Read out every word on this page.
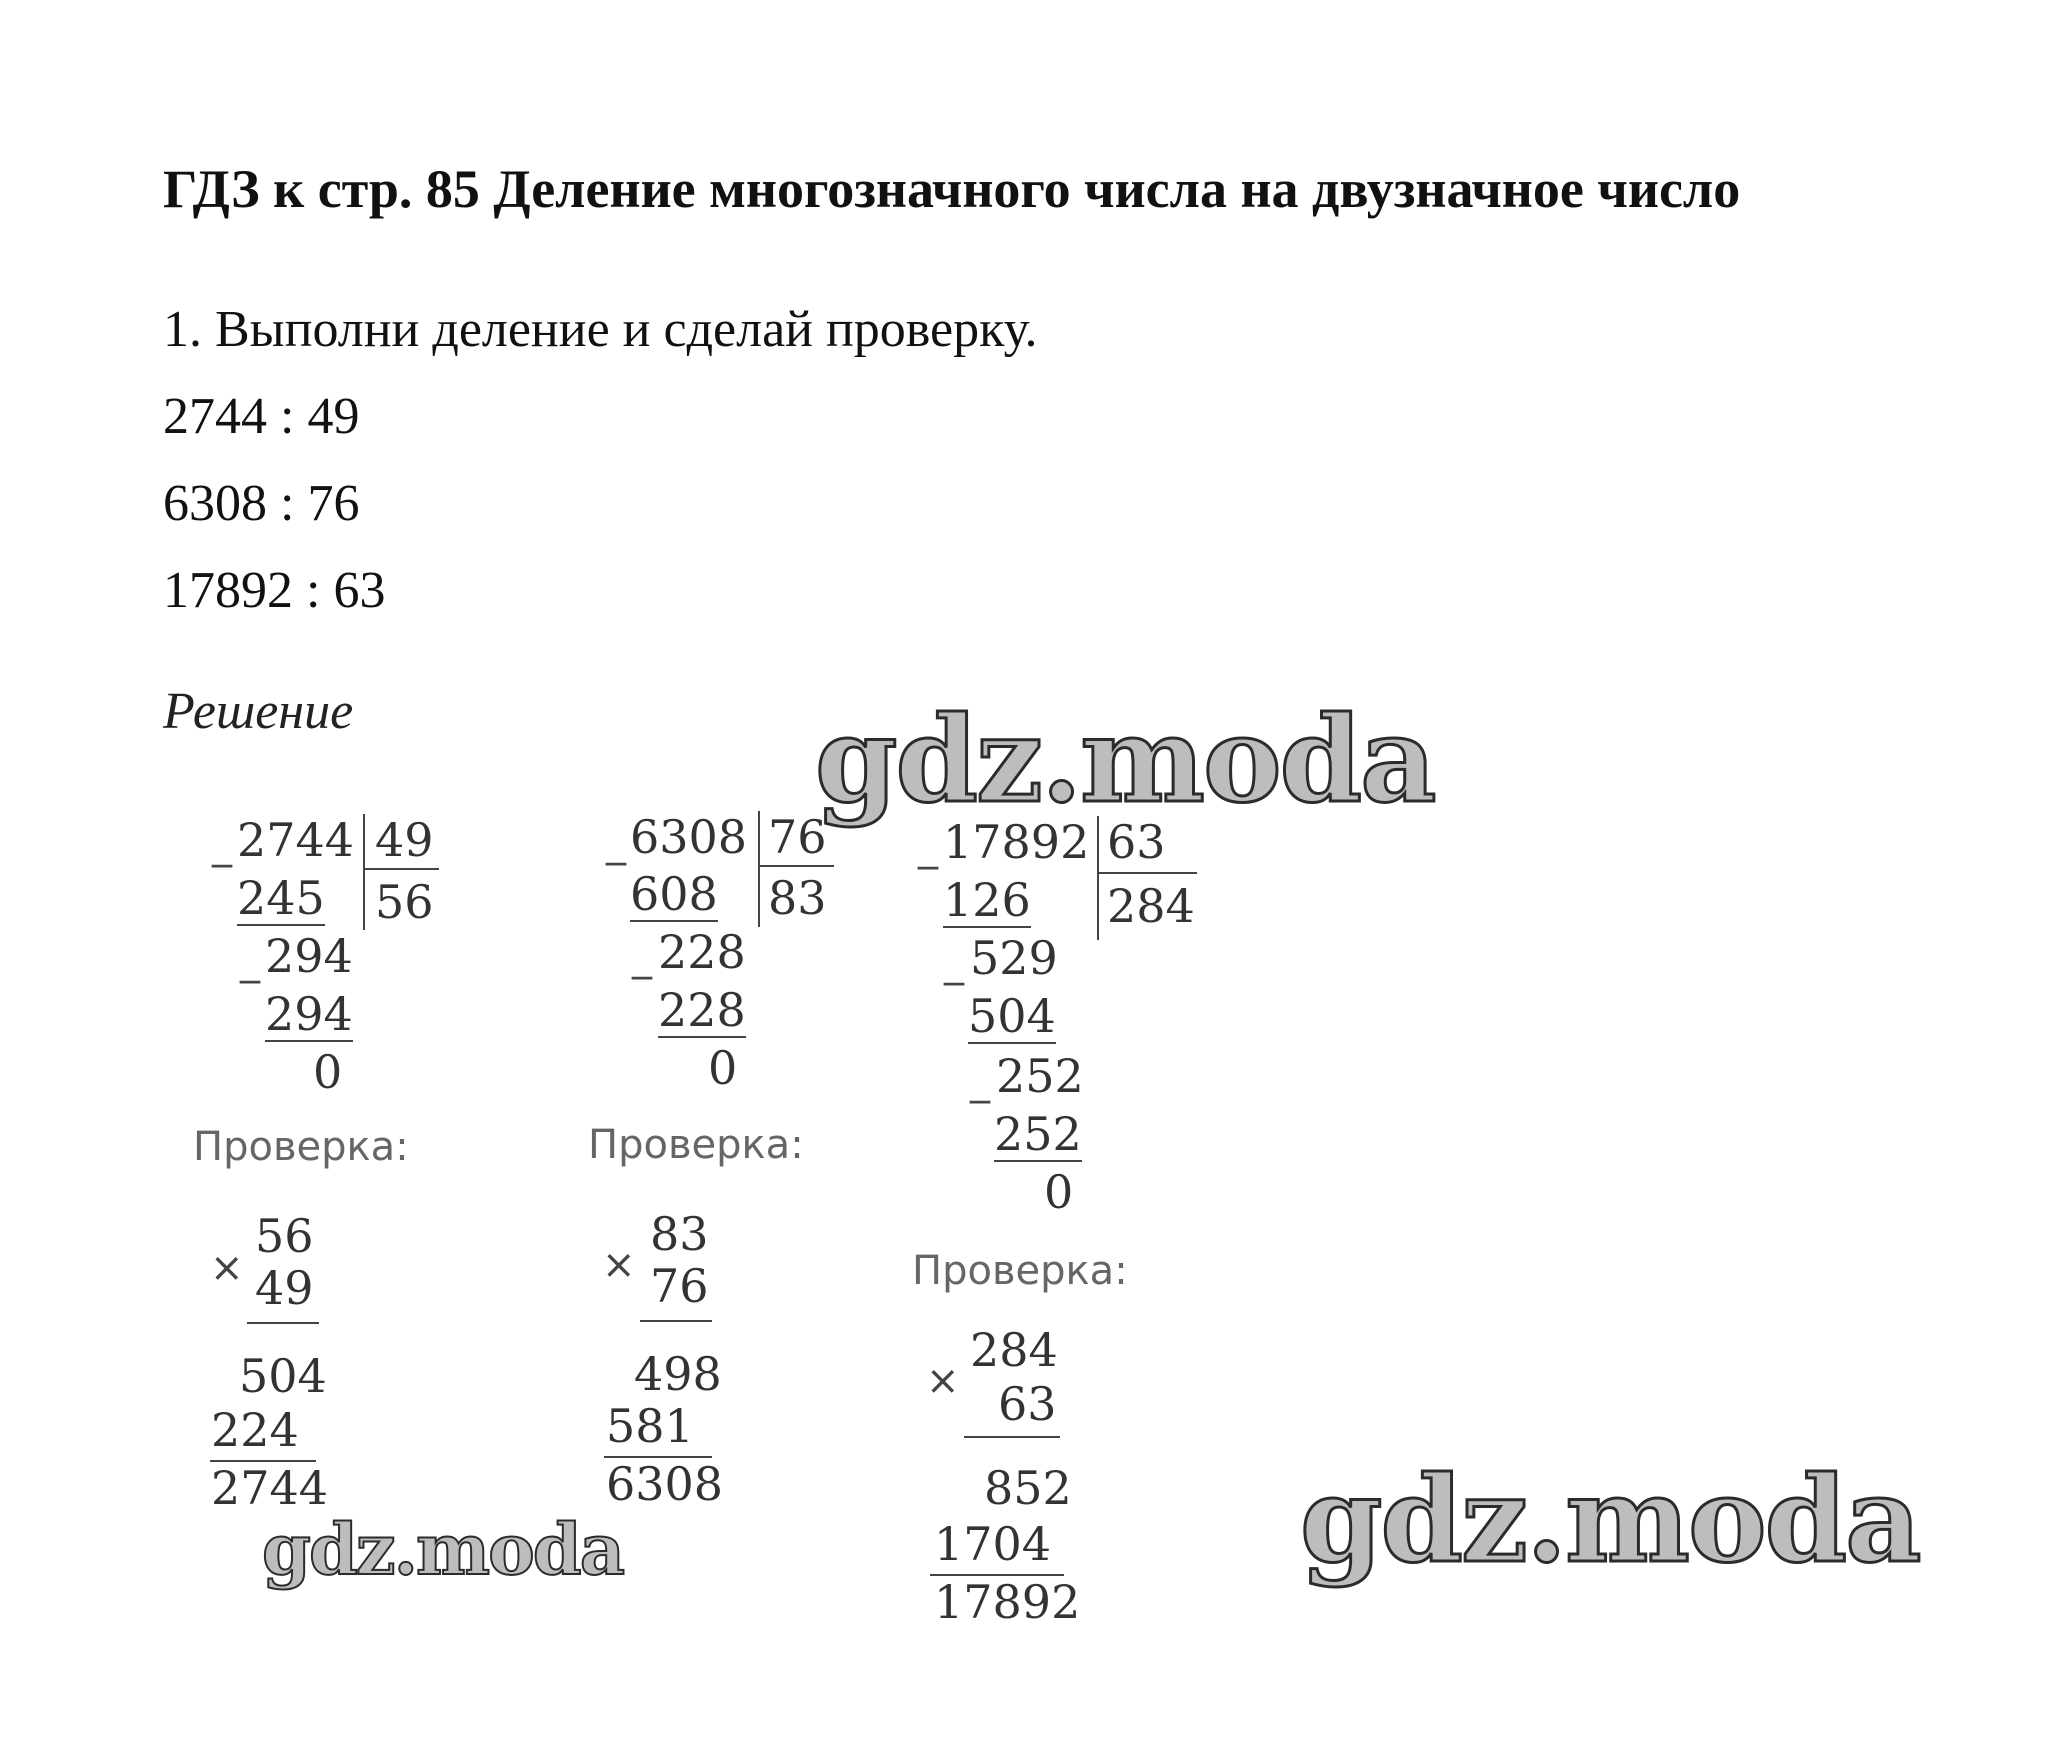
ГДЗ к стр. 85 Деление многозначного числа на двузначное число
1. Выполни деление и сделай проверку.
2744 : 49
6308 : 76
17892 : 63
Решение
_ 2744 49
56
245
_ 294
294
0
Проверка:
×
56
49
504
224
2744
_ 6308 76
83
608
_ 228
228
0
Проверка:
×
83
76
498
581
6308
_ 17892 63
284
126
_ 529
504
_ 252
252
0
Проверка:
×
284
63
852
1704
17892
gdz.moda
gdz.moda	gdz.moda
